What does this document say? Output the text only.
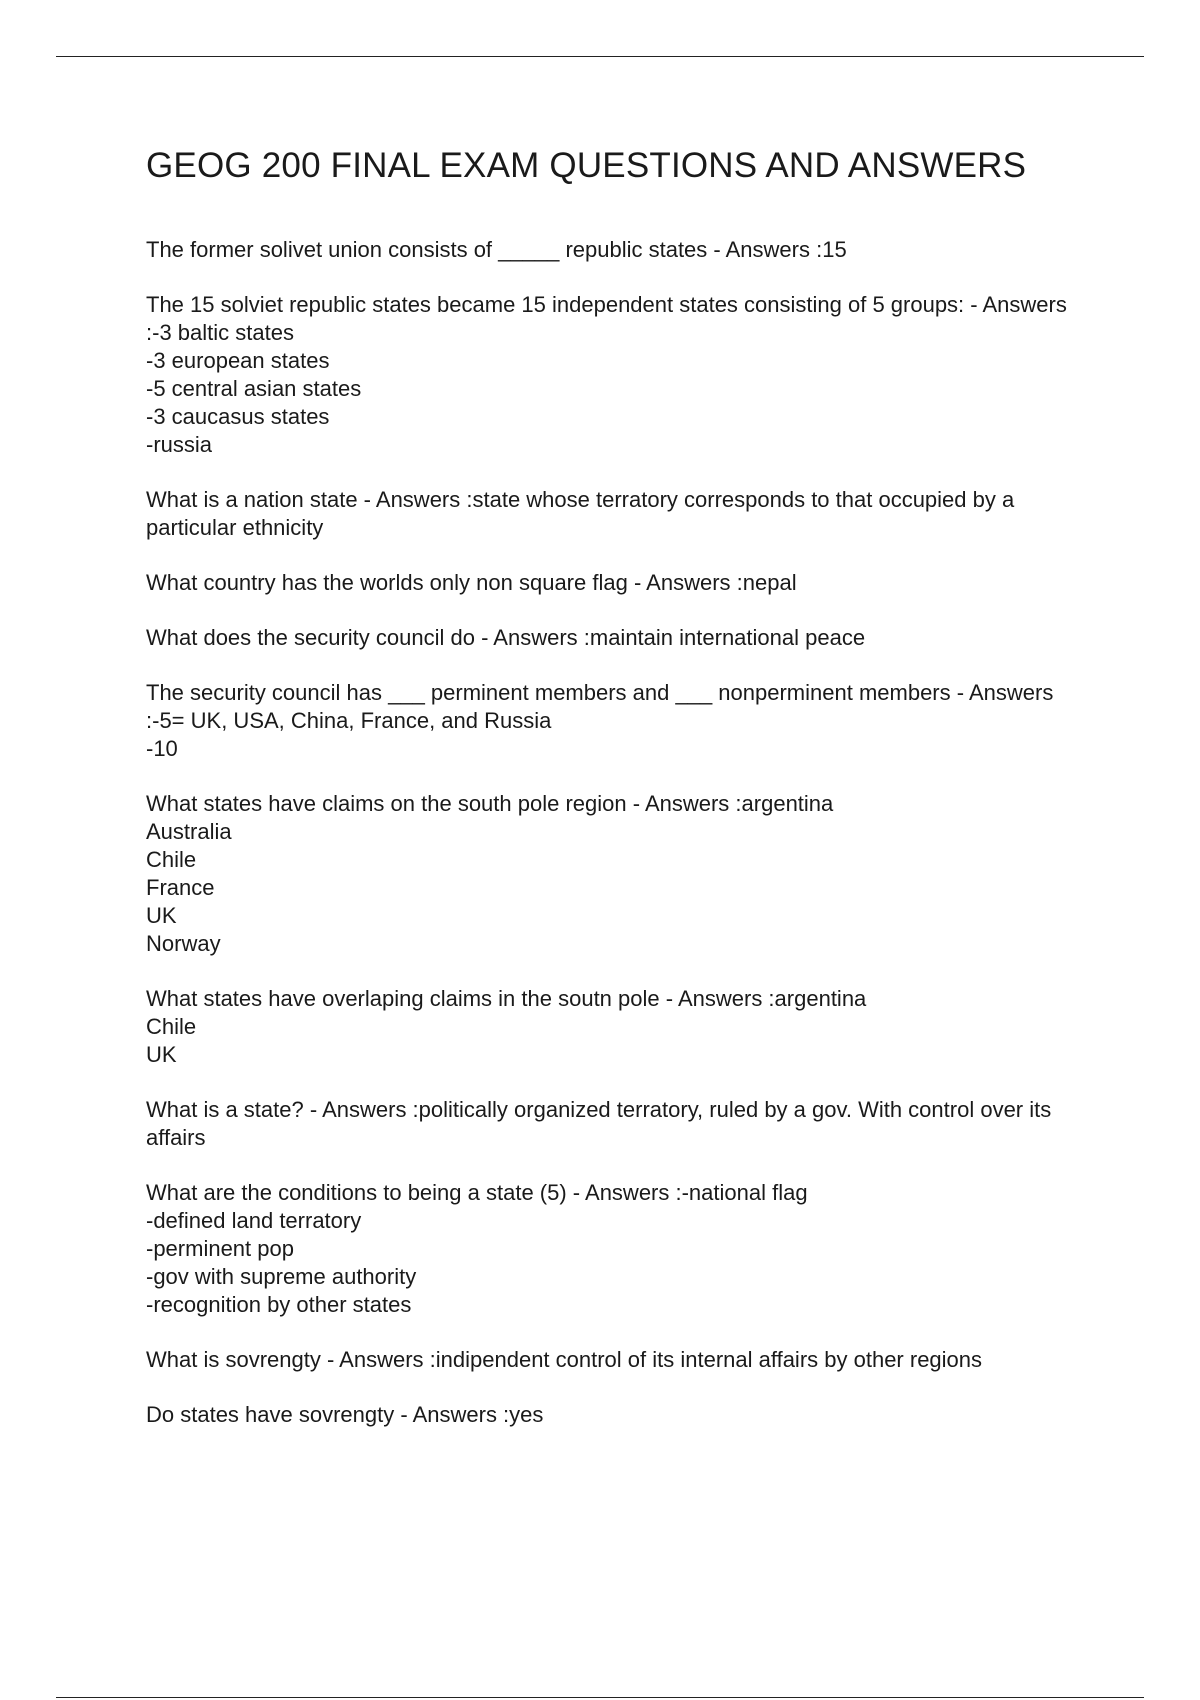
GEOG 200 FINAL EXAM QUESTIONS AND ANSWERS

The former solivet union consists of _____ republic states - Answers :15

The 15 solviet republic states became 15 independent states consisting of 5 groups: - Answers :-3 baltic states

-3 european states
-5 central asian states
-3 caucasus states
-russia

What is a nation state - Answers :state whose terratory corresponds to that occupied by a particular ethnicity

What country has the worlds only non square flag - Answers :nepal

What does the security council do - Answers :maintain international peace

The security council has ___ perminent members and ___ nonperminent members - Answers :-5= UK, USA, China, France, and Russia

-10

What states have claims on the south pole region - Answers :argentina

Australia
Chile
France
UK
Norway

What states have overlaping claims in the soutn pole - Answers :argentina

Chile
UK

What is a state? - Answers :politically organized terratory, ruled by a gov. With control over its affairs

What are the conditions to being a state (5) - Answers :-national flag

-defined land terratory
-perminent pop
-gov with supreme authority
-recognition by other states

What is sovrengty - Answers :indipendent control of its internal affairs by other regions

Do states have sovrengty - Answers :yes
